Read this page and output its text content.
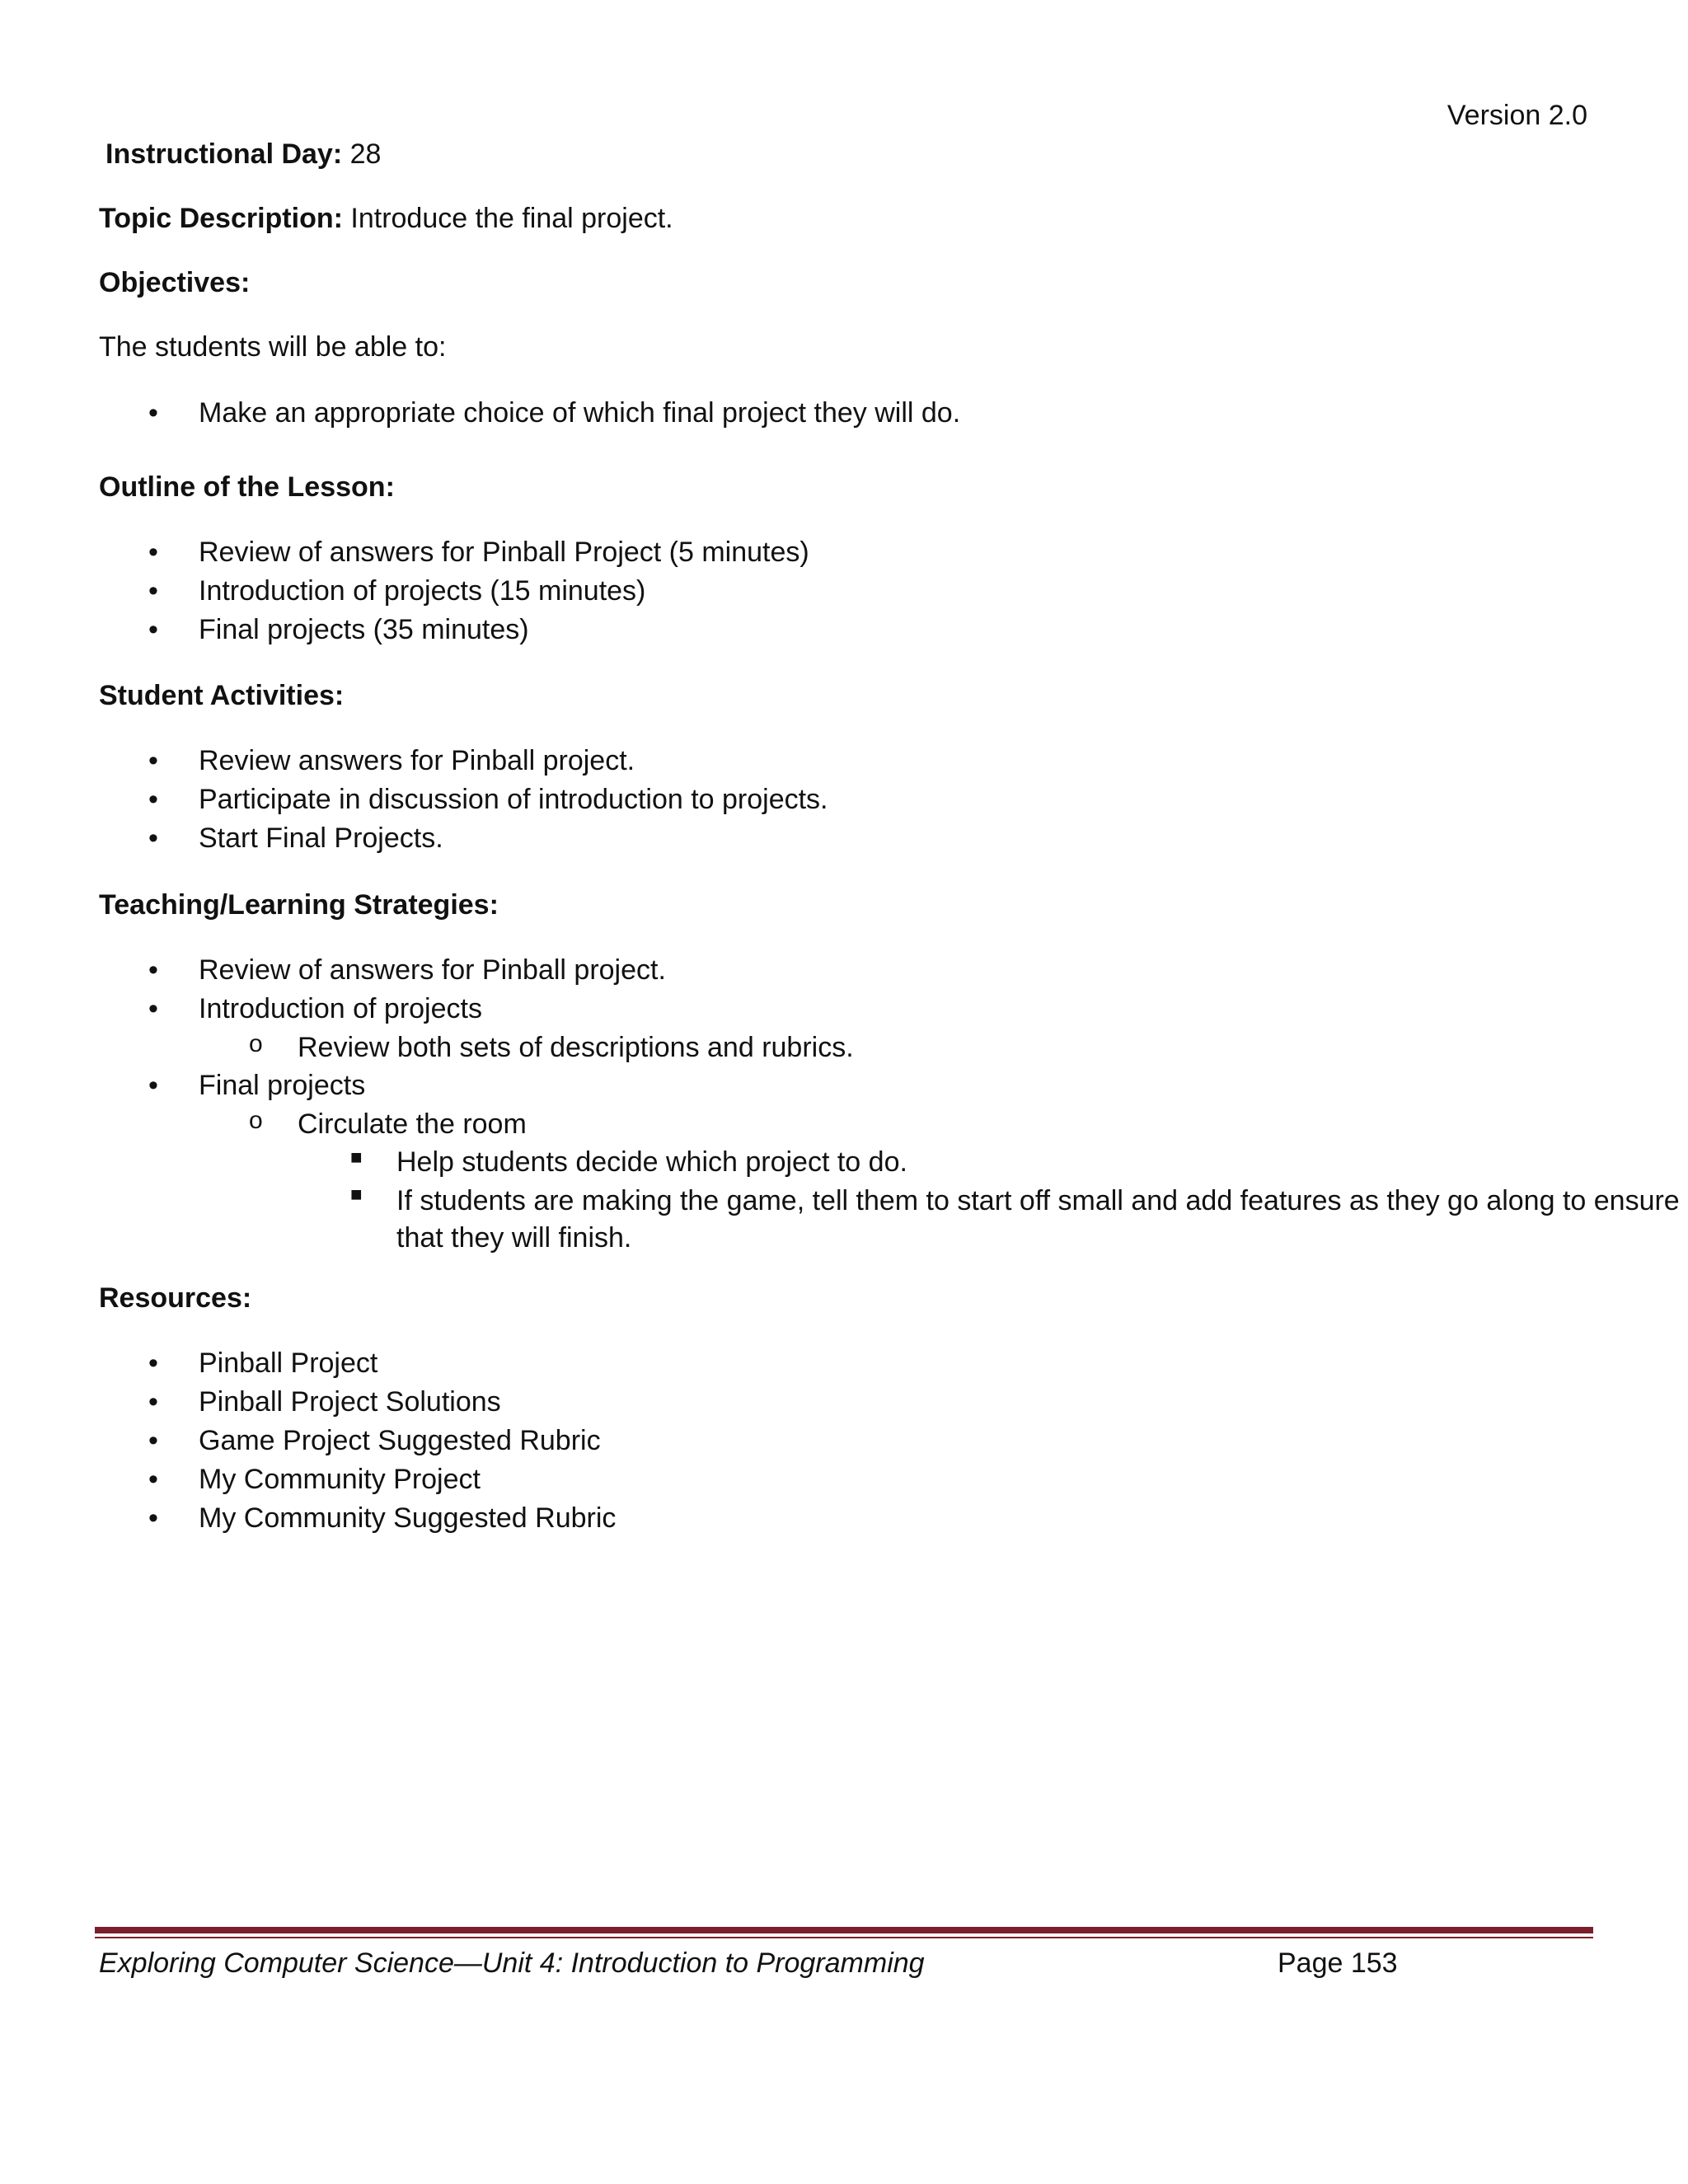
Version 2.0
Instructional Day: 28
Topic Description: Introduce the final project.

Objectives:

The students will be able to:

• Make an appropriate choice of which final project they will do.

Outline of the Lesson:

• Review of answers for Pinball Project (5 minutes)
• Introduction of projects (15 minutes)
• Final projects (35 minutes)

Student Activities:

• Review answers for Pinball project.
• Participate in discussion of introduction to projects.
• Start Final Projects.

Teaching/Learning Strategies:

• Review of answers for Pinball project.
• Introduction of projects
o Review both sets of descriptions and rubrics.
• Final projects
o Circulate the room
■ Help students decide which project to do.
■ If students are making the game, tell them to start off small and add features as they go along to ensure that they will finish.

Resources:

• Pinball Project
• Pinball Project Solutions
• Game Project Suggested Rubric
• My Community Project
• My Community Suggested Rubric
Exploring Computer Science—Unit 4: Introduction to Programming	Page 153
